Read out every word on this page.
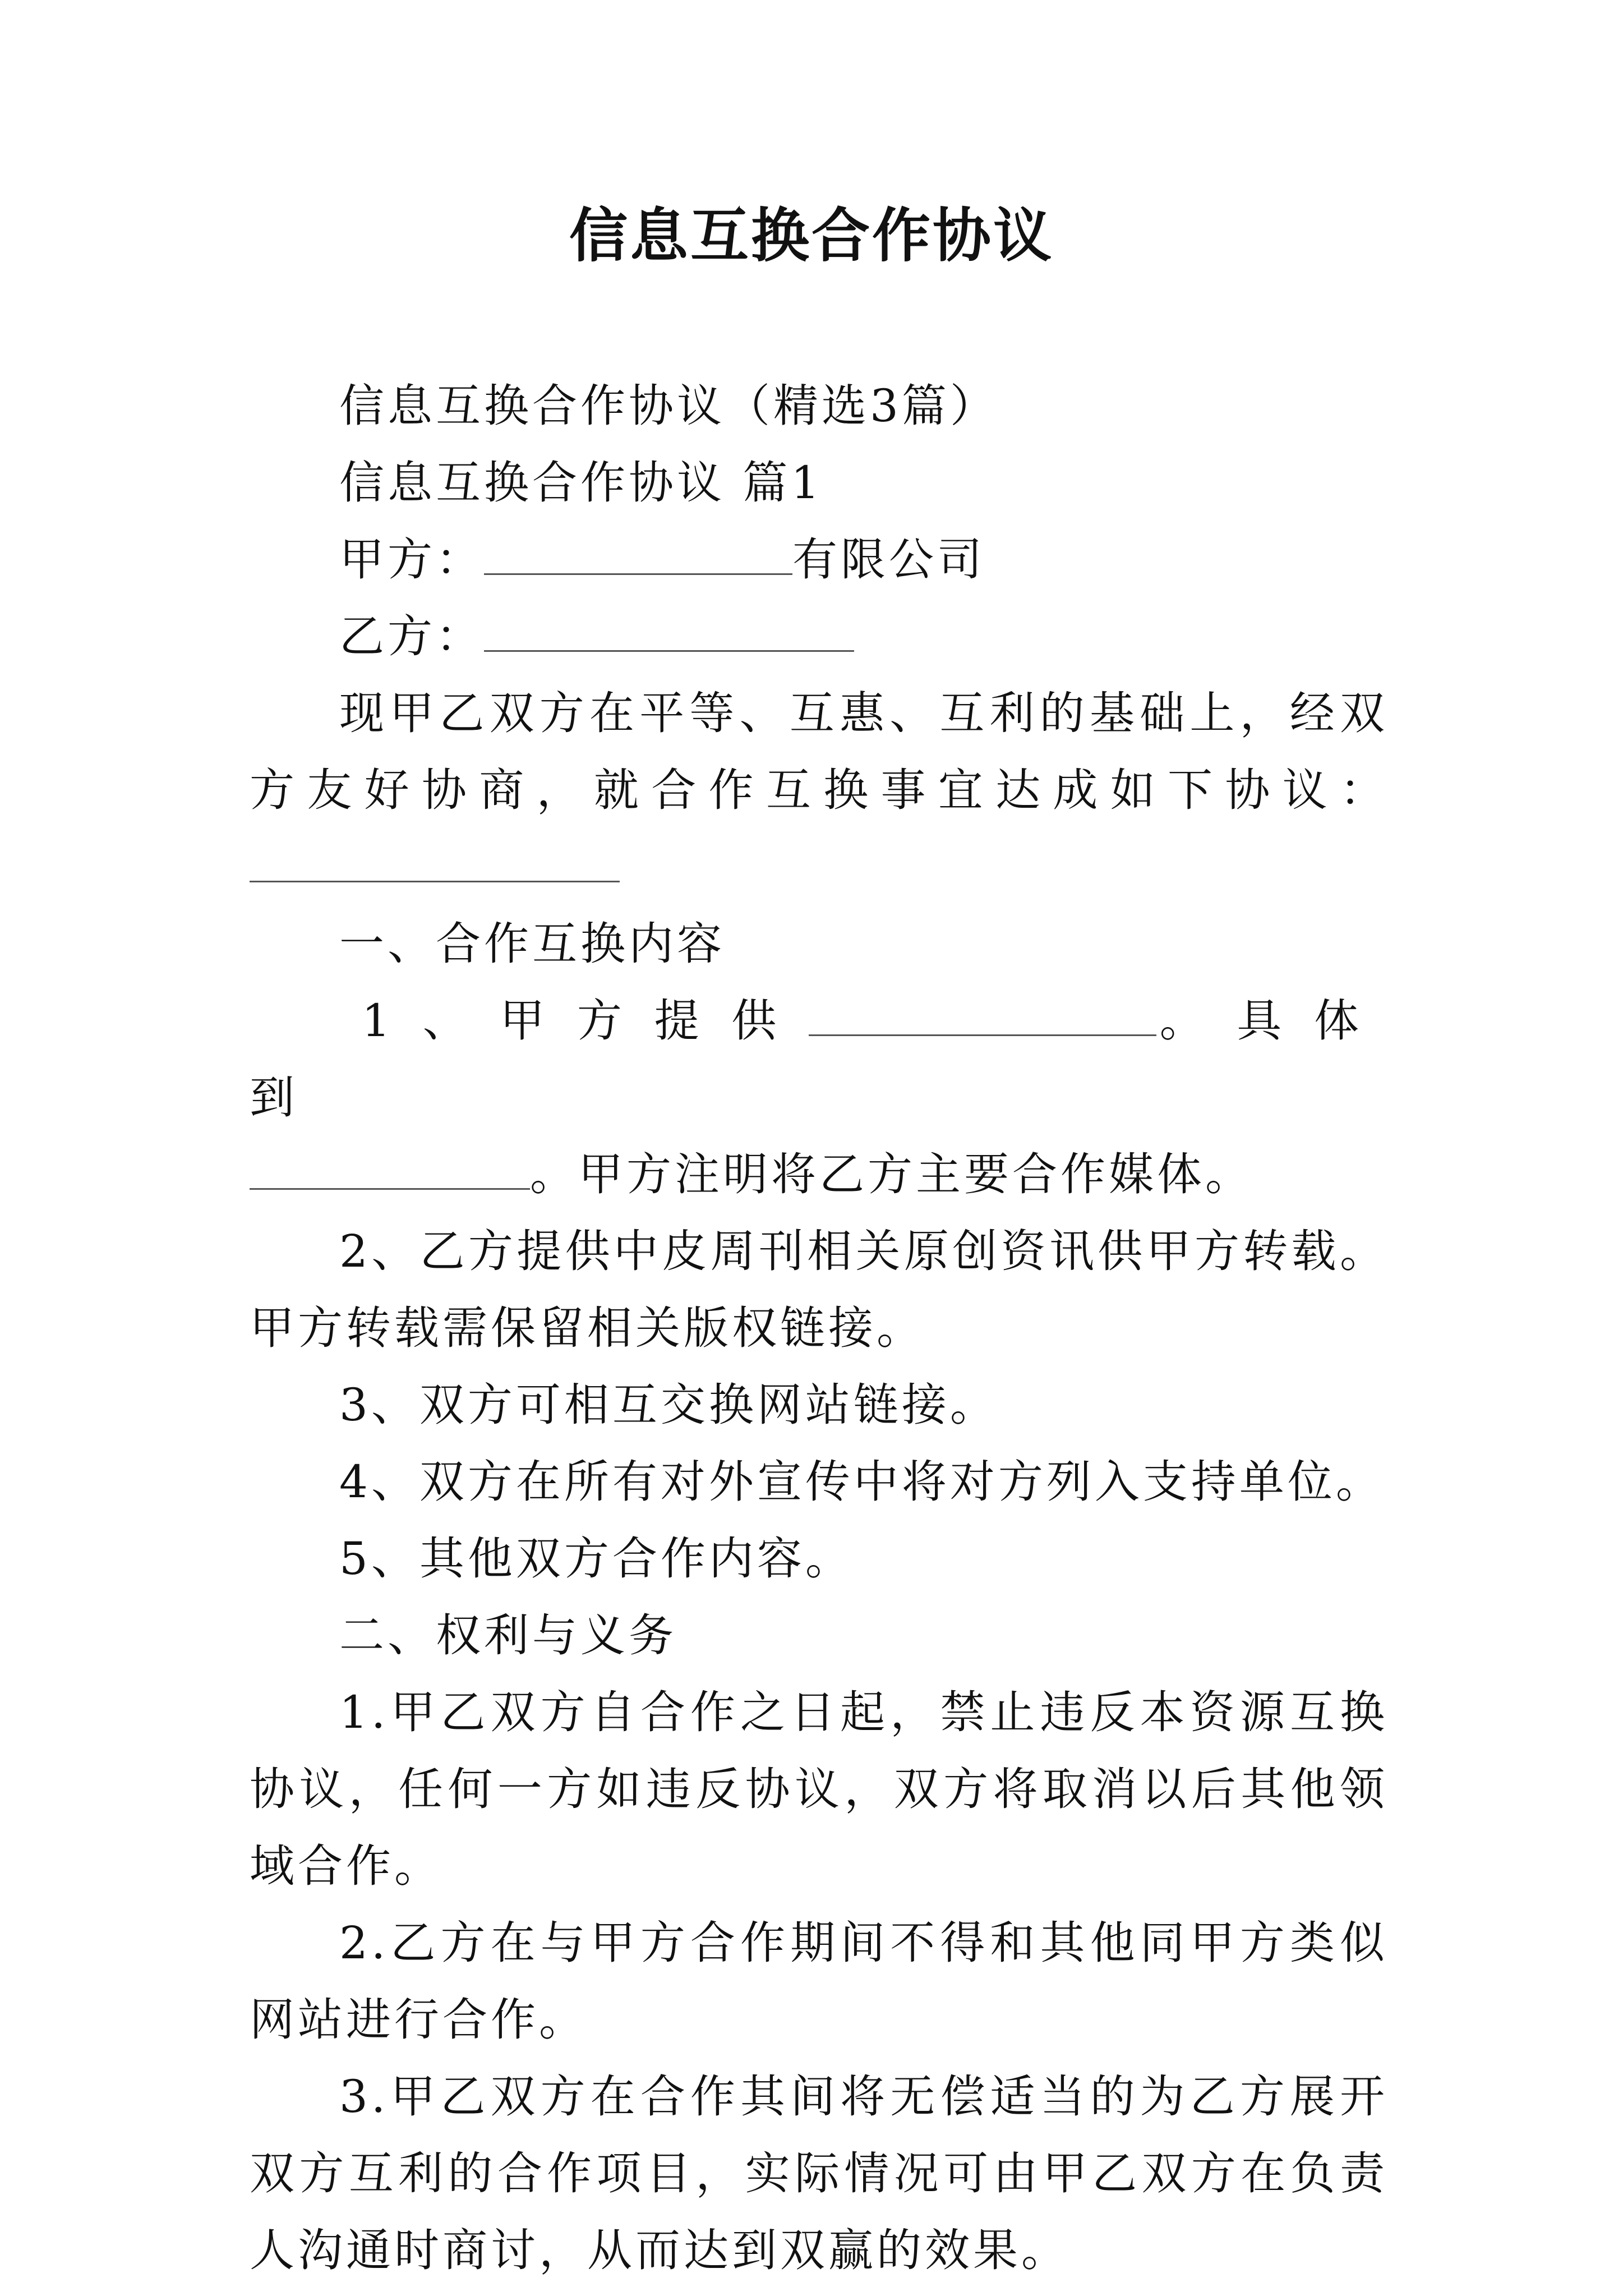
信息互换合作协议

信息互换合作协议（精选3篇）

信息互换合作协议 篇1

甲方：	有限公司

乙方：

现甲乙双方在平等、互惠、互利的基础上，经双方友好协商，就合作互换事宜达成如下协议：

一、合作互换内容

1、甲方提供	。具体到
。甲方注明将乙方主要合作媒体。

2、乙方提供中皮周刊相关原创资讯供甲方转载。甲方转载需保留相关版权链接。

3、双方可相互交换网站链接。

4、双方在所有对外宣传中将对方列入支持单位。

5、其他双方合作内容。

二、权利与义务

1.甲乙双方自合作之日起，禁止违反本资源互换协议，任何一方如违反协议，双方将取消以后其他领域合作。

2.乙方在与甲方合作期间不得和其他同甲方类似网站进行合作。

3.甲乙双方在合作其间将无偿适当的为乙方展开双方互利的合作项目，实际情况可由甲乙双方在负责人沟通时商讨，从而达到双赢的效果。
